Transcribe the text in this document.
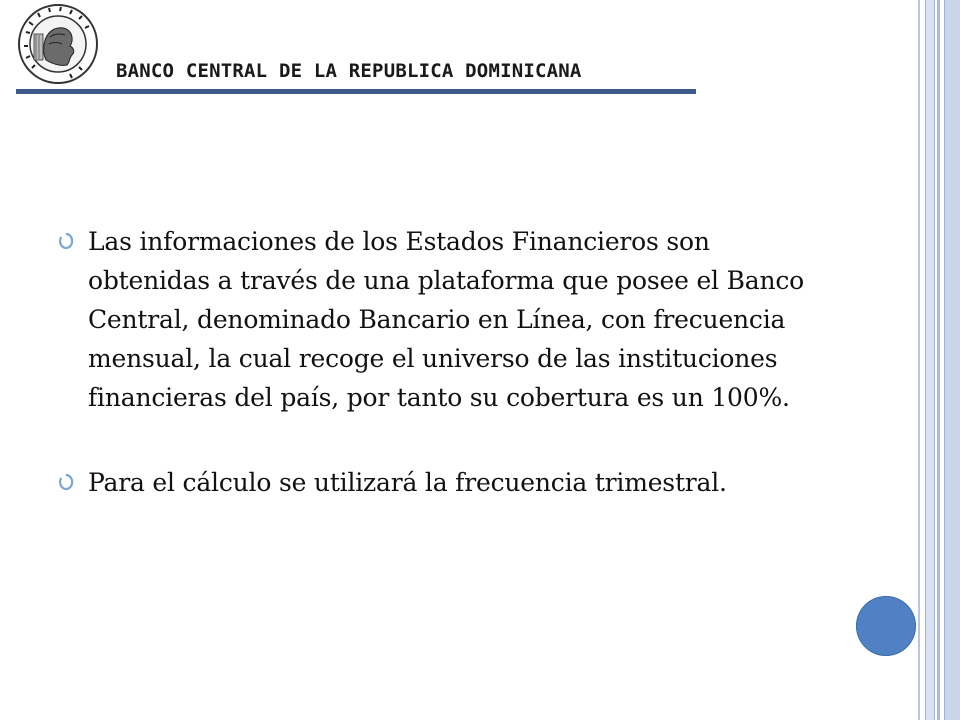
BANCO CENTRAL DE LA REPUBLICA DOMINICANA
Las informaciones de los Estados Financieros son obtenidas a través de una plataforma que posee el Banco Central, denominado Bancario en Línea, con frecuencia mensual, la cual recoge el universo de las instituciones financieras del país, por tanto su cobertura es un 100%.
Para el cálculo se utilizará la frecuencia trimestral.
